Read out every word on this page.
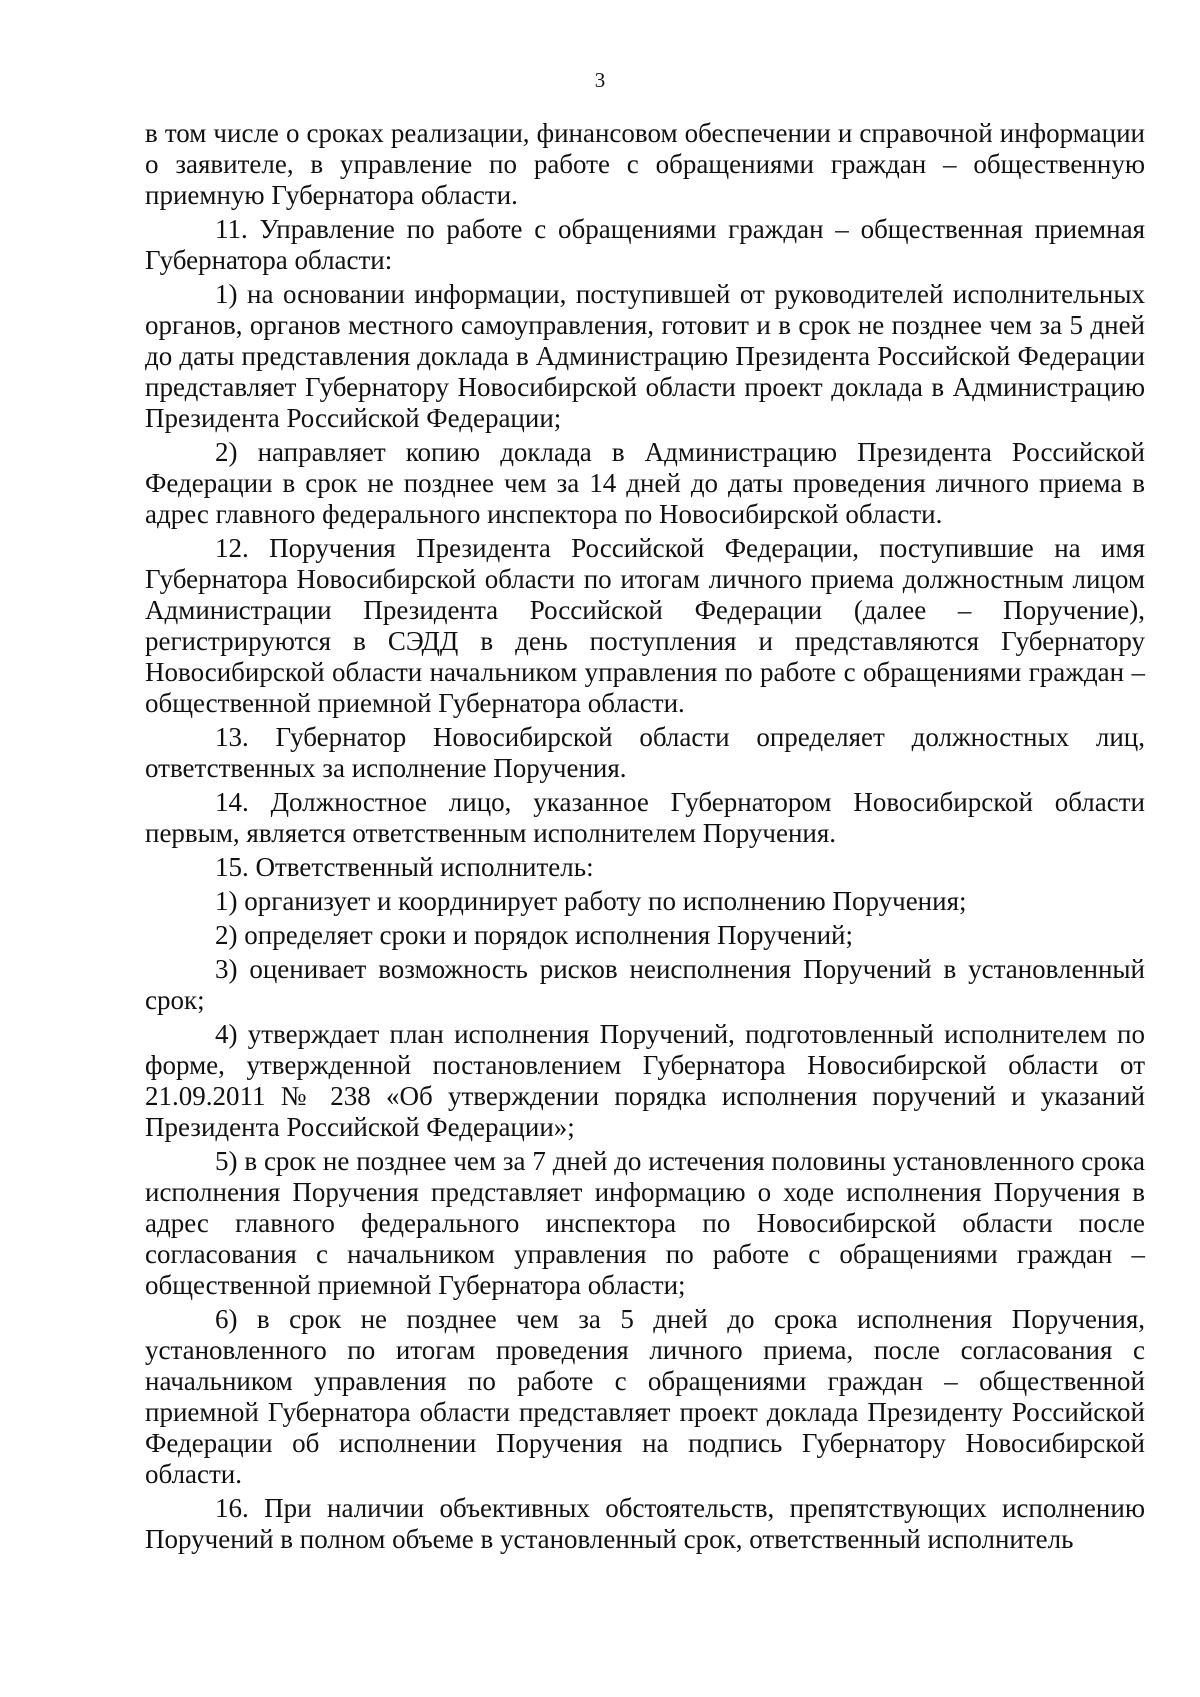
3

в том числе о сроках реализации, финансовом обеспечении и справочной информации о заявителе, в управление по работе с обращениями граждан – общественную приемную Губернатора области.

11. Управление по работе с обращениями граждан – общественная приемная Губернатора области:

1) на основании информации, поступившей от руководителей исполнительных органов, органов местного самоуправления, готовит и в срок не позднее чем за 5 дней до даты представления доклада в Администрацию Президента Российской Федерации представляет Губернатору Новосибирской области проект доклада в Администрацию Президента Российской Федерации;

2) направляет копию доклада в Администрацию Президента Российской Федерации в срок не позднее чем за 14 дней до даты проведения личного приема в адрес главного федерального инспектора по Новосибирской области.

12. Поручения Президента Российской Федерации, поступившие на имя Губернатора Новосибирской области по итогам личного приема должностным лицом Администрации Президента Российской Федерации (далее – Поручение), регистрируются в СЭДД в день поступления и представляются Губернатору Новосибирской области начальником управления по работе с обращениями граждан – общественной приемной Губернатора области.

13. Губернатор Новосибирской области определяет должностных лиц, ответственных за исполнение Поручения.

14. Должностное лицо, указанное Губернатором Новосибирской области первым, является ответственным исполнителем Поручения.

15. Ответственный исполнитель:

1) организует и координирует работу по исполнению Поручения;

2) определяет сроки и порядок исполнения Поручений;

3) оценивает возможность рисков неисполнения Поручений в установленный срок;

4) утверждает план исполнения Поручений, подготовленный исполнителем по форме, утвержденной постановлением Губернатора Новосибирской области от 21.09.2011 № 238 «Об утверждении порядка исполнения поручений и указаний Президента Российской Федерации»;

5) в срок не позднее чем за 7 дней до истечения половины установленного срока исполнения Поручения представляет информацию о ходе исполнения Поручения в адрес главного федерального инспектора по Новосибирской области после согласования с начальником управления по работе с обращениями граждан – общественной приемной Губернатора области;

6) в срок не позднее чем за 5 дней до срока исполнения Поручения, установленного по итогам проведения личного приема, после согласования с начальником управления по работе с обращениями граждан – общественной приемной Губернатора области представляет проект доклада Президенту Российской Федерации об исполнении Поручения на подпись Губернатору Новосибирской области.

16. При наличии объективных обстоятельств, препятствующих исполнению Поручений в полном объеме в установленный срок, ответственный исполнитель
